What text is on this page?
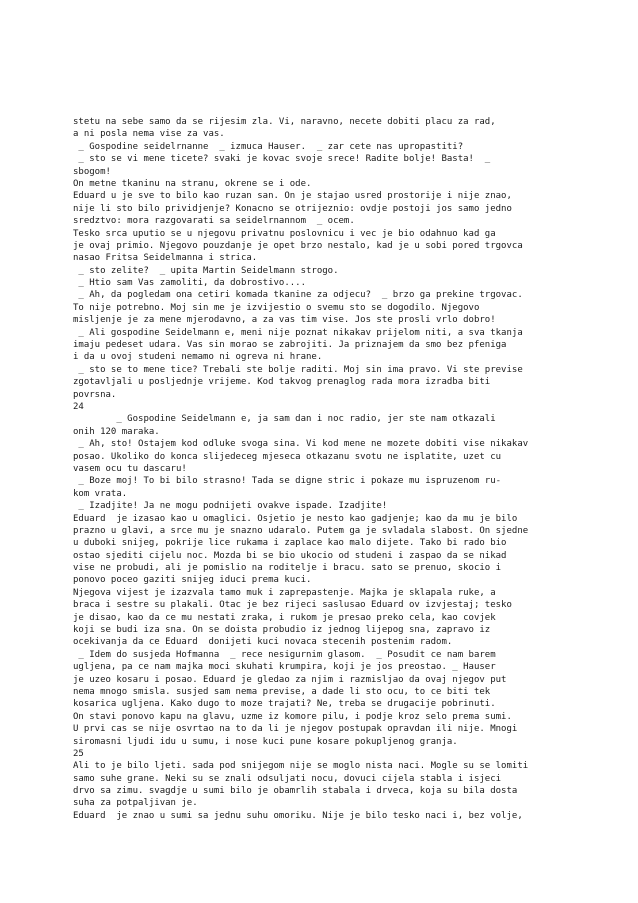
stetu na sebe samo da se rijesim zla. Vi, naravno, necete dobiti placu za rad,
a ni posla nema vise za vas.
_ Gospodine seidelrnanne  _ izmuca Hauser.  _ zar cete nas upropastiti?
_ sto se vi mene ticete? svaki je kovac svoje srece! Radite bolje! Basta!  _
sbogom!
On metne tkaninu na stranu, okrene se i ode.
Eduard u je sve to bilo kao ruzan san. On je stajao usred prostorije i nije znao,
nije li sto bilo prividjenje? Konacno se otrijeznio: ovdje postoji jos samo jedno
sredztvo: mora razgovarati sa seidelrnannom  _ ocem.
Tesko srca uputio se u njegovu privatnu poslovnicu i vec je bio odahnuo kad ga
je ovaj primio. Njegovo pouzdanje je opet brzo nestalo, kad je u sobi pored trgovca
nasao Fritsa Seidelmanna i strica.
_ sto zelite?  _ upita Martin Seidelmann strogo.
_ Htio sam Vas zamoliti, da dobrostivo....
_ Ah, da pogledam ona cetiri komada tkanine za odjecu?  _ brzo ga prekine trgovac.
To nije potrebno. Moj sin me je izvijestio o svemu sto se dogodilo. Njegovo
misljenje je za mene mjerodavno, a za vas tim vise. Jos ste prosli vrlo dobro!
_ Ali gospodine Seidelmann e, meni nije poznat nikakav prijelom niti, a sva tkanja
imaju pedeset udara. Vas sin moraо se zabrojiti. Ja priznajem da smo bez pfeniga
i da u ovoj studeni nemamo ni ogreva ni hrane.
_ sto se to mene tice? Trebali ste bolje raditi. Moj sin ima pravo. Vi ste previse
zgotavljali u posljednje vrijeme. Kod takvog prenaglog rada mora izradba biti
povrsna.
24
_ Gospodine Seidelmann e, ja sam dan i noc radio, jer ste nam otkazali
onih 120 maraka.
_ Ah, sto! Ostajem kod odluke svoga sina. Vi kod mene ne mozete dobiti vise nikakav
posao. Ukoliko do konca slijedeceg mjeseca otkazanu svotu ne isplatite, uzet cu
vasem ocu tu dascaru!
_ Boze moj! To bi bilo strasno! Tada se digne stric i pokaze mu ispruzenom ru-
kom vrata.
_ Izadjite! Ja ne mogu podnijeti ovakve ispade. Izadjite!
Eduard  je izasao kao u omaglici. Osjetio je nesto kao gadjenje; kao da mu je bilo
prazno u glavi, a srce mu je snazno udaralo. Putem ga je svladala slabost. On sjedne
u duboki snijeg, pokrije lice rukama i zaplace kao malo dijete. Tako bi rado bio
ostao sjediti cijelu noc. Mozda bi se bio ukocio od studeni i zaspao da se nikad
vise ne probudi, ali je pomislio na roditelje i bracu. sato se prenuo, skocio i
ponovo poceo gaziti snijeg iduci prema kuci.
Njegova vijest je izazvala tamo muk i zaprepastenje. Majka je sklapala ruke, a
braca i sestre su plakali. Otac je bez rijeci saslusao Eduard ov izvjestaj; tesko
je disao, kao da ce mu nestati zraka, i rukom je presao preko cela, kao covjek
koji se budi iza sna. On se doista probudio iz jednog lijepog sna, zapravo iz
ocekivanja da ce Eduard  donijeti kuci novaca stecenih postenim radom.
_ Idem do susjeda Hofmanna  _ rece nesigurnim glasom.  _ Posudit ce nam barem
ugljena, pa ce nam majka moci skuhati krumpira, koji je jos preostao. _ Hauser
je uzeo kosaru i posao. Eduard je gledao za njim i razmisljao da ovaj njegov put
nema mnogo smisla. susjed sam nema previse, a dade li sto ocu, to ce biti tek
kosarica ugljena. Kako dugo to moze trajati? Ne, treba se drugacije pobrinuti.
On stavi ponovo kapu na glavu, uzme iz komore pilu, i podje kroz selo prema sumi.
U prvi cas se nije osvrtao na to da li je njegov postupak opravdan ili nije. Mnogi
siromasni ljudi idu u sumu, i nose kuci pune kosare pokupljenog granja.
25
Ali to je bilo ljeti. sada pod snijegom nije se moglo nista naci. Mogle su se lomiti
samo suhe grane. Neki su se znali odsuljati nocu, dovuci cijela stabla i isjeci
drvo sa zimu. svagdje u sumi bilo je obamrlih stabala i drveca, koja su bila dosta
suha za potpaljivan je.
Eduard  je znao u sumi sa jednu suhu omoriku. Nije je bilo tesko naci i, bez volje,
